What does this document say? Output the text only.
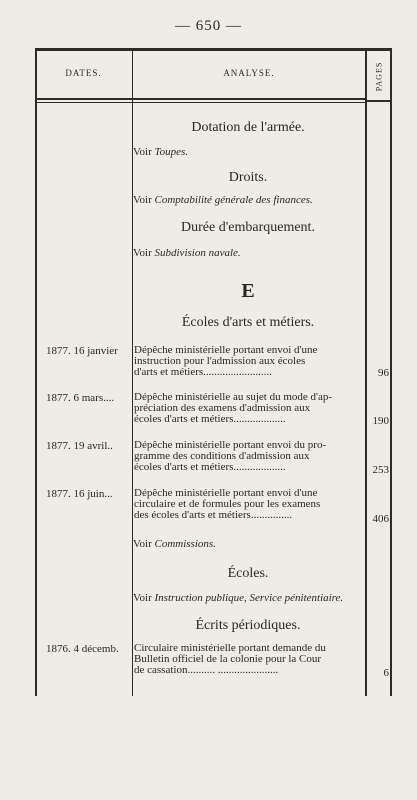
— 650 —
DATES.	ANALYSE.	PAGES
Dotation de l'armée.
Voir Toupes.
Droits.
Voir Comptabilité générale des finances.
Durée d'embarquement.
Voir Subdivision navale.
E
Écoles d'arts et métiers.
1877. 16 janvier	Dépêche ministérielle portant envoi d'une
instruction pour l'admission aux écoles
d'arts et métiers.........................	96
1877. 6 mars....	Dépêche ministérielle au sujet du mode d'ap-
préciation des examens d'admission aux
écoles d'arts et métiers...................	190
1877. 19 avril..	Dépêche ministérielle portant envoi du pro-
gramme des conditions d'admission aux
écoles d'arts et métiers...................	253
1877. 16 juin...	Dépêche ministérielle portant envoi d'une
circulaire et de formules pour les examens
des écoles d'arts et métiers...............	406
Voir Commissions.
Écoles.
Voir Instruction publique, Service pénitentiaire.
Écrits périodiques.
1876. 4 décemb.	Circulaire ministérielle portant demande du
Bulletin officiel de la colonie pour la Cour
de cassation.......... ......................	6
